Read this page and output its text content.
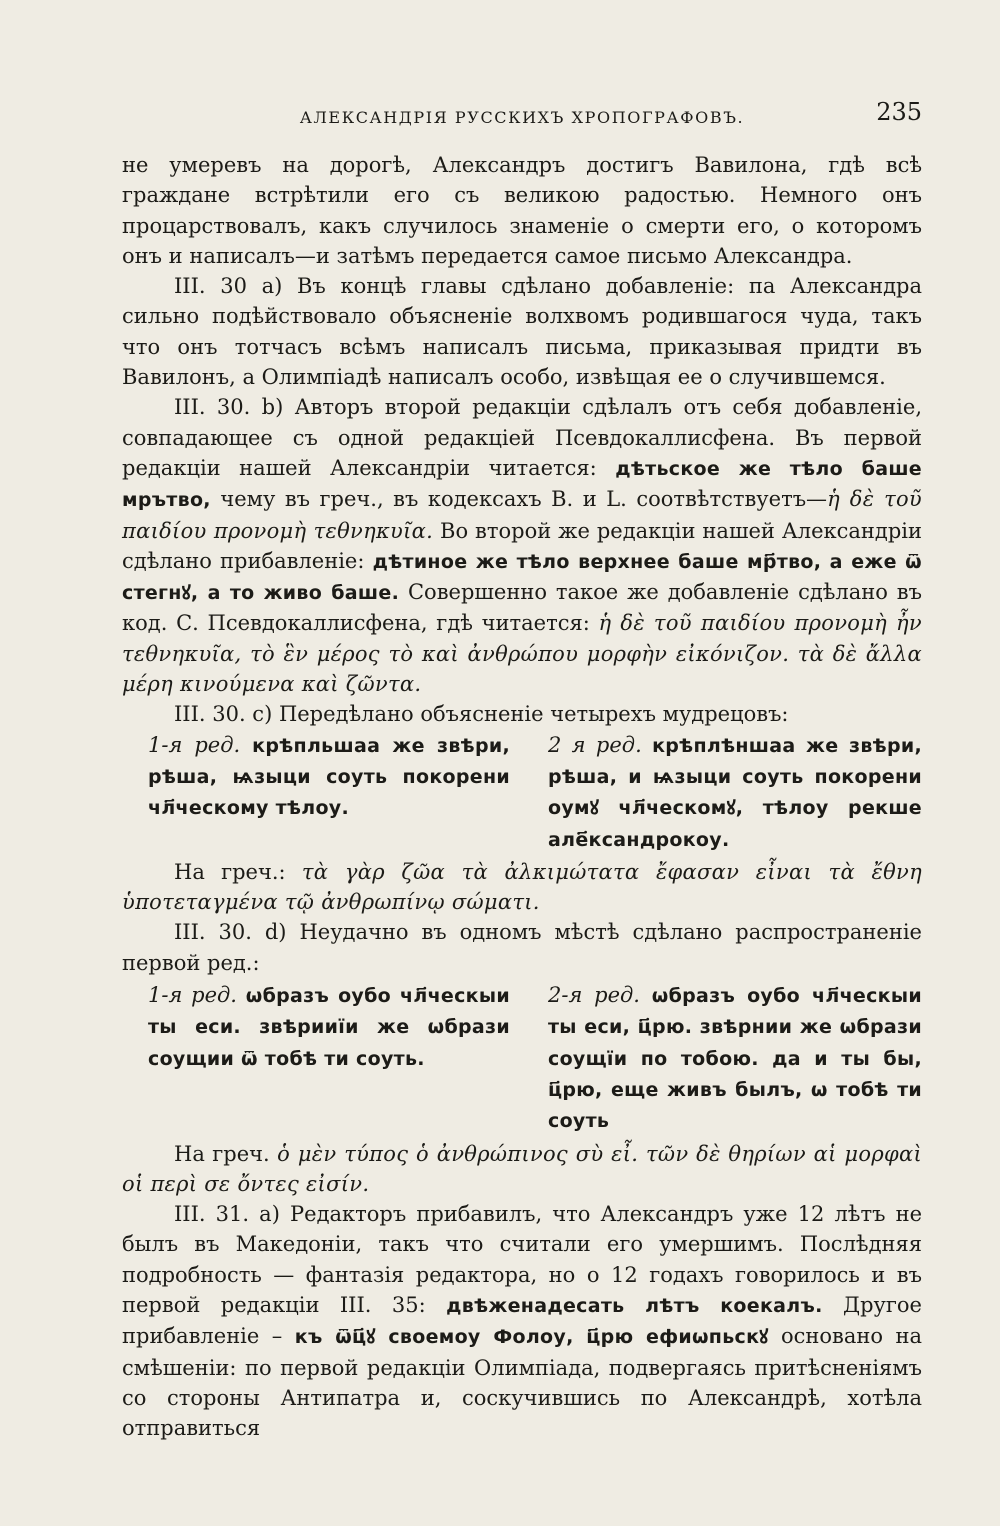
АЛЕКСАНДРІЯ РУССКИХЪ ХРОПОГРАФОВЪ.	235

не умеревъ на дорогѣ, Александръ достигъ Вавилона, гдѣ всѣ граждане встрѣтили его съ великою радостью. Немного онъ процарствовалъ, какъ случилось знаменіе о смерти его, о которомъ онъ и написалъ—и затѣмъ передается самое письмо Александра.

III. 30 a) Въ концѣ главы сдѣлано добавленіе: па Александра сильно подѣйствовало объясненіе волхвомъ родившагося чуда, такъ что онъ тотчасъ всѣмъ написалъ письма, приказывая придти въ Вавилонъ, а Олимпіадѣ написалъ особо, извѣщая ее о случившемся.

III. 30. b) Авторъ второй редакціи сдѣлалъ отъ себя добавленіе, совпадающее съ одной редакціей Псевдокаллисфена. Въ первой редакціи нашей Александріи читается: дѣтьское же тѣло баше мрътво, чему въ греч., въ кодексахъ В. и L. соотвѣтствуетъ—ἡ δὲ τοῦ παιδίου προνομὴ τεθνηκυῖα. Во второй же редакціи нашей Александріи сдѣлано прибавленіе: дѣтиное же тѣло верхнее баше мр҃тво, а еже ѿ стегнꙋ, а то живо баше. Совершенно такое же добавленіе сдѣлано въ код. С. Псевдокаллисфена, гдѣ читается: ἡ δὲ τοῦ παιδίου προνομὴ ἦν τεθνηκυῖα, τὸ ἓν μέρος τὸ καὶ ἀνθρώπου μορφὴν εἰκόνιζον. τὰ δὲ ἄλλα μέρη κινούμενα καὶ ζῶντα.

III. 30. c) Передѣлано объясненіе четырехъ мудрецовъ:

1-я ред. крѣпльшаа же звѣри, рѣша, ѩзыци соуть покорени чл҃ческому тѣлоу.
2 я ред. крѣплѣншаа же звѣри, рѣша, и ѩзыци соуть покорени оумꙋ чл҃ческомꙋ, тѣлоу рекше але҃ксандрокоу.

На греч.: τὰ γὰρ ζῶα τὰ ἀλκιμώτατα ἔφασαν εἶναι τὰ ἔθνη ὑποτεταγμένα τῷ ἀνθρωπίνῳ σώματι.

III. 30. d) Неудачно въ одномъ мѣстѣ сдѣлано распространеніе первой ред.:

1-я ред. ѡбразъ оубо чл҃ческыи ты еси. звѣрииїи же ѡбрази соущии ѿ тобѣ ти соуть.
2-я ред. ѡбразъ оубо чл҃ческыи ты еси, ц҃рю. звѣрнии же ѡбрази соущїи по тобою. да и ты бы, ц҃рю, еще живъ былъ, ѡ тобѣ ти соуть

На греч. ὁ μὲν τύπος ὁ ἀνθρώπινος σὺ εἶ. τῶν δὲ θηρίων αἱ μορφαὶ οἱ περὶ σε ὄντες εἰσίν.

III. 31. a) Редакторъ прибавилъ, что Александръ уже 12 лѣтъ не былъ въ Македоніи, такъ что считали его умершимъ. Послѣдняя подробность — фантазія редактора, но о 12 годахъ говорилось и въ первой редакціи III. 35: двѣженадесать лѣтъ коекалъ. Другое прибавленіе – къ ѿц҃ꙋ своемоу Фолоу, ц҃рю ефиѡпьскꙋ основано на смѣшеніи: по первой редакціи Олимпіада, подвергаясь притѣсненіямъ со стороны Антипатра и, соскучившись по Александрѣ, хотѣла отправиться
